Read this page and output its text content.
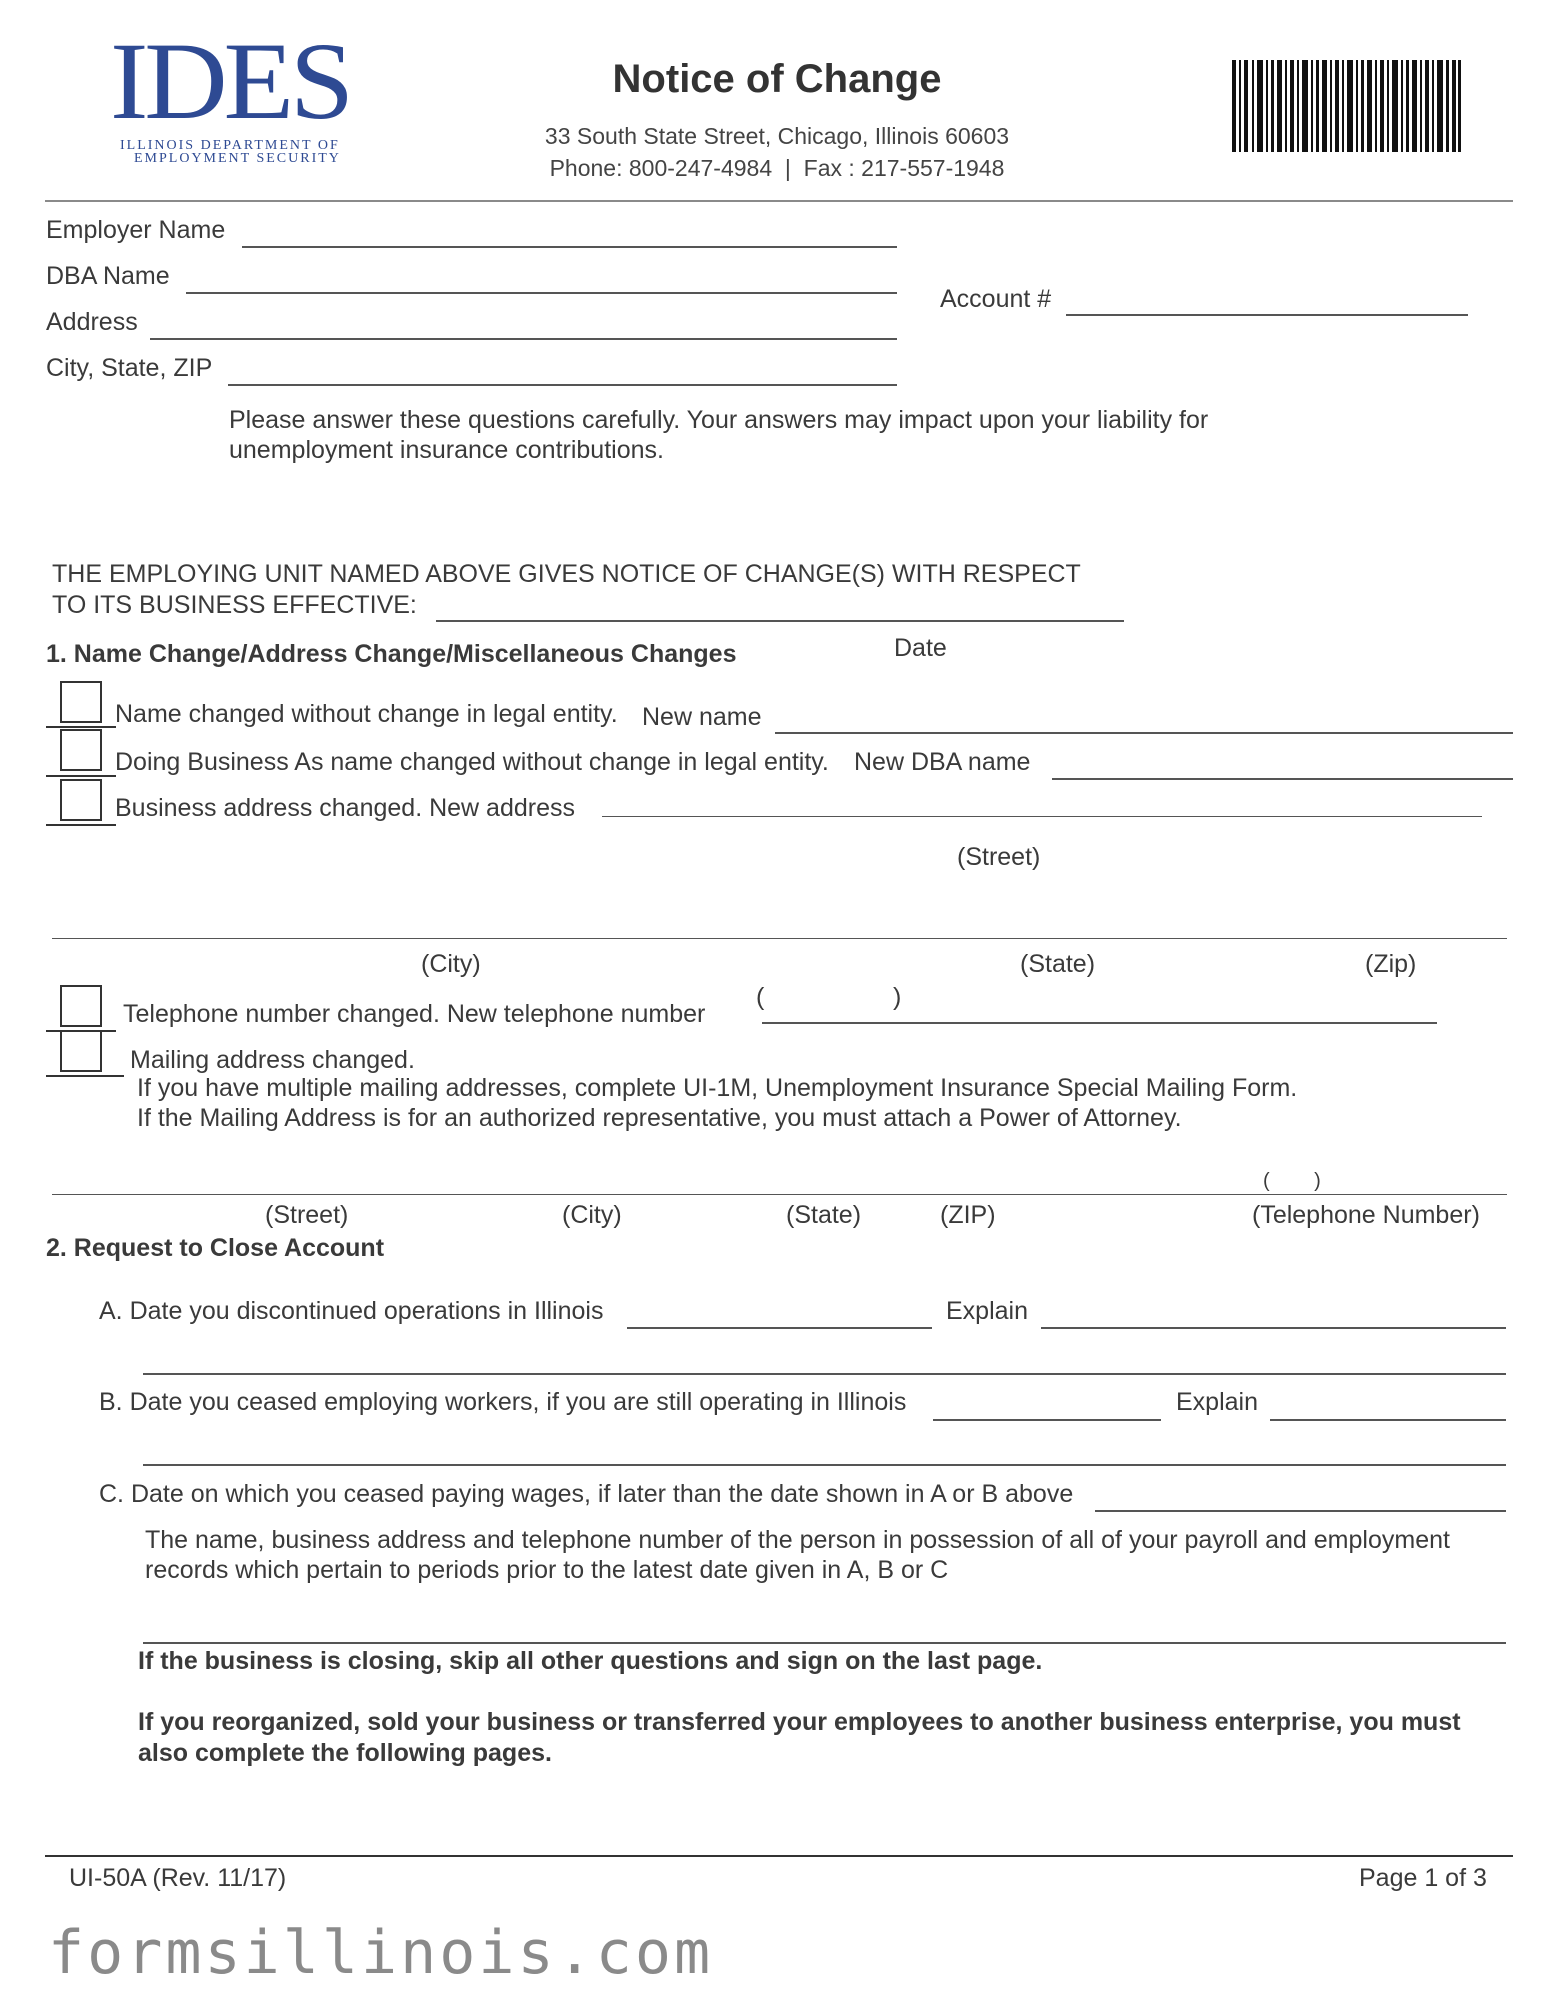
IDES
ILLINOIS DEPARTMENT OF
EMPLOYMENT SECURITY
Notice of Change
33 South State Street, Chicago, Illinois 60603
Phone: 800-247-4984  |  Fax : 217-557-1948
Employer Name
DBA Name
Address
City, State, ZIP
Account #
Please answer these questions carefully. Your answers may impact upon your liability for
unemployment insurance contributions.
THE EMPLOYING UNIT NAMED ABOVE GIVES NOTICE OF CHANGE(S) WITH RESPECT
TO ITS BUSINESS EFFECTIVE:
Date
1. Name Change/Address Change/Miscellaneous Changes
Name changed without change in legal entity. New name
Doing Business As name changed without change in legal entity. New DBA name
Business address changed. New address
(Street)
(City)	(State)	(Zip)
Telephone number changed. New telephone number
(	)
Mailing address changed.
If you have multiple mailing addresses, complete UI-1M, Unemployment Insurance Special Mailing Form.
If the Mailing Address is for an authorized representative, you must attach a Power of Attorney.
(        )
(Street)	(City)	(State)	(ZIP)	(Telephone Number)
2. Request to Close Account
A. Date you discontinued operations in Illinois	Explain
B. Date you ceased employing workers, if you are still operating in Illinois	Explain
C. Date on which you ceased paying wages, if later than the date shown in A or B above
The name, business address and telephone number of the person in possession of all of your payroll and employment
records which pertain to periods prior to the latest date given in A, B or C
If the business is closing, skip all other questions and sign on the last page.
If you reorganized, sold your business or transferred your employees to another business enterprise, you must
also complete the following pages.
UI-50A (Rev. 11/17)	Page 1 of 3
formsillinois.com
